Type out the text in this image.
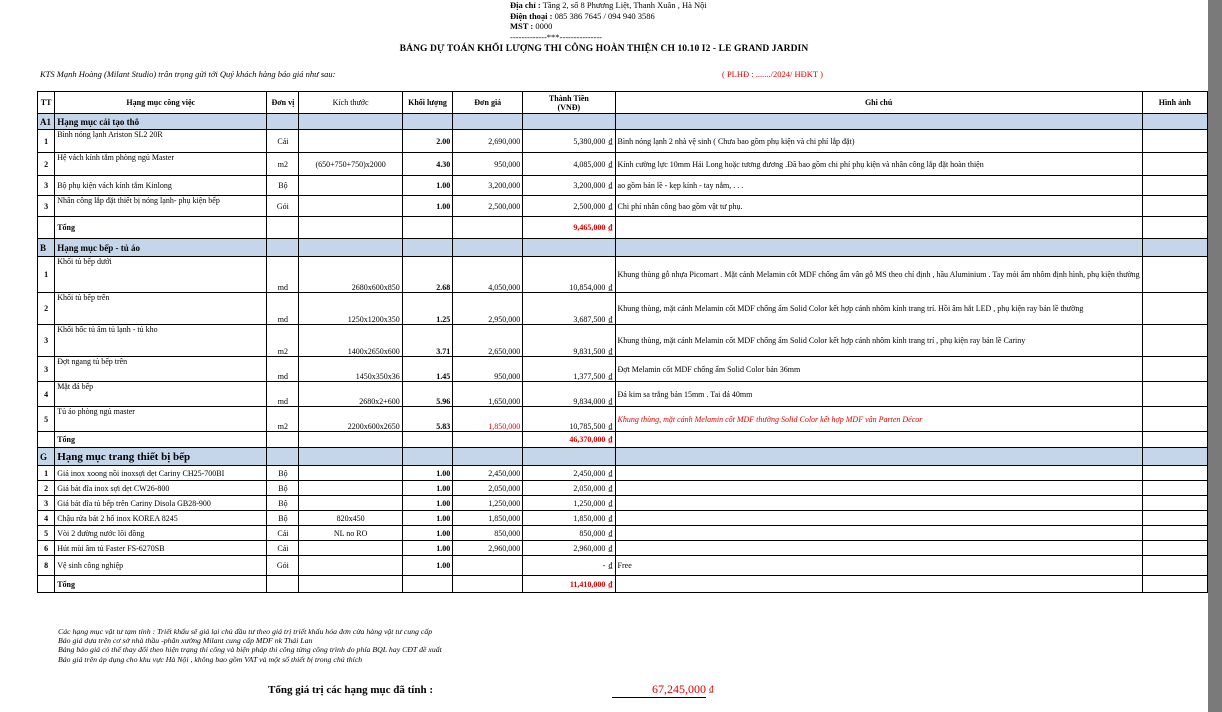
Địa chỉ : Tầng 2, số 8 Phương Liệt, Thanh Xuân , Hà Nội
Điện thoại : 085 386 7645 / 094 940 3586
MST : 0000
-------------***---------------
BẢNG DỰ TOÁN KHỐI LƯỢNG THI CÔNG HOÀN THIỆN CH 10.10 I2 - LE GRAND JARDIN
KTS Mạnh Hoàng (Milant Studio) trân trọng gửi tới Quý khách hàng báo giá như sau:	( PLHĐ : ......./2024/ HĐKT )
TT	Hạng mục công việc	Đơn vị	Kích thước	Khối lượng	Đơn giá	Thành Tiền
(VNĐ)	Ghi chú	Hình ảnh
A1	Hạng mục cải tạo thô							
1	Bình nóng lạnh Ariston SL2 20R	Cái		2.00	2,690,000	5,380,000 ₫	Bình nóng lạnh 2 nhà vệ sinh ( Chưa bao gồm phụ kiện và chi phí lắp đặt)	
2	Hệ vách kính tắm phòng ngủ Master	m2	(650+750+750)x2000	4.30	950,000	4,085,000 ₫	Kính cường lực 10mm Hải Long hoặc tương đương .Đã bao gồm chi phí phụ kiện và nhân công lắp đặt hoàn thiện	
3	Bộ phụ kiện vách kính tắm Kinlong	Bộ		1.00	3,200,000	3,200,000 ₫	ao gồm bản lề - kẹp kính - tay nắm, . . .	
3	Nhân công lắp đặt thiết bị nóng lạnh- phụ kiện bếp	Gói		1.00	2,500,000	2,500,000 ₫	Chi phí nhân công bao gồm vật tư phụ.	
	Tổng					9,465,000 ₫		
B	Hạng mục bếp - tủ áo							
1	Khối tủ bếp dưới	md	2680x600x850	2.68	4,050,000	10,854,000 ₫	Khung thùng gỗ nhựa Picomart . Mặt cánh Melamin cốt MDF chống ẩm vân gỗ MS theo chỉ định , hầu Aluminium . Tay mỏi ẩm nhôm định hình, phụ kiện thường	
2	Khối tủ bếp trên	md	1250x1200x350	1.25	2,950,000	3,687,500 ₫	Khung thùng, mặt cánh Melamin cốt MDF chống ẩm Solid Color kết hợp cánh nhôm kính trang trí. Hồi âm hắt LED , phụ kiện ray bản lề thường	
3	Khối hốc tủ âm tủ lạnh - tủ kho	m2	1400x2650x600	3.71	2,650,000	9,831,500 ₫	Khung thùng, mặt cánh Melamin cốt MDF chống ẩm Solid Color kết hợp cánh nhôm kính trang trí , phụ kiện ray bản lề Cariny	
3	Đợt ngang tủ bếp trên	md	1450x350x36	1.45	950,000	1,377,500 ₫	Đợt Melamin cốt MDF chống ẩm Solid Color bản 36mm	
4	Mặt đá bếp	md	2680x2+600	5.96	1,650,000	9,834,000 ₫	Đá kim sa trắng bản 15mm . Tai đá 40mm	
5	Tủ áo phòng ngủ master	m2	2200x600x2650	5.83	1,850,000	10,785,500 ₫	Khung thùng, mặt cánh Melamin cốt MDF thường Solid Color kết hợp MDF vân Parten Décor	
	Tổng					46,370,000 ₫		
G	Hạng mục trang thiết bị bếp							
1	Giá inox xoong nồi inoxsợi dẹt Cariny CH25-700BI	Bộ		1.00	2,450,000	2,450,000 ₫		
2	Giá bát đĩa inox sợi dẹt CW26-800	Bộ		1.00	2,050,000	2,050,000 ₫		
3	Giá bát đĩa tủ bếp trên Cariny Disola GB28-900	Bộ		1.00	1,250,000	1,250,000 ₫		
4	Chậu rửa bát 2 hố inox KOREA 8245	Bộ	820x450	1.00	1,850,000	1,850,000 ₫		
5	Vòi 2 đường nước lõi đồng	Cái	NL no RO	1.00	850,000	850,000 ₫		
6	Hút mùi âm tủ Faster FS-6270SB	Cái		1.00	2,960,000	2,960,000 ₫		
8	Vệ sinh công nghiệp	Gói		1.00		- ₫	Free	
	Tổng					11,410,000 ₫		
Các hạng mục vật tư tạm tính : Triết khấu sẽ giả lại chủ đầu tư theo giá trị triết khấu hóa đơn cửa hàng vật tư cung cấp
Báo giá dựa trên cơ sở nhà thầu -phân xưởng Milant cung cấp MDF nk Thái Lan
Bảng báo giá có thể thay đổi theo hiện trạng thi công và biện pháp thi công từng công trình do phía BQL hay CĐT đề xuất
Báo giá trên áp dụng cho khu vực Hà Nội , không bao gồm VAT và một số thiết bị trong chú thích
Tổng giá trị các hạng mục đã tính :	67,245,000 ₫
